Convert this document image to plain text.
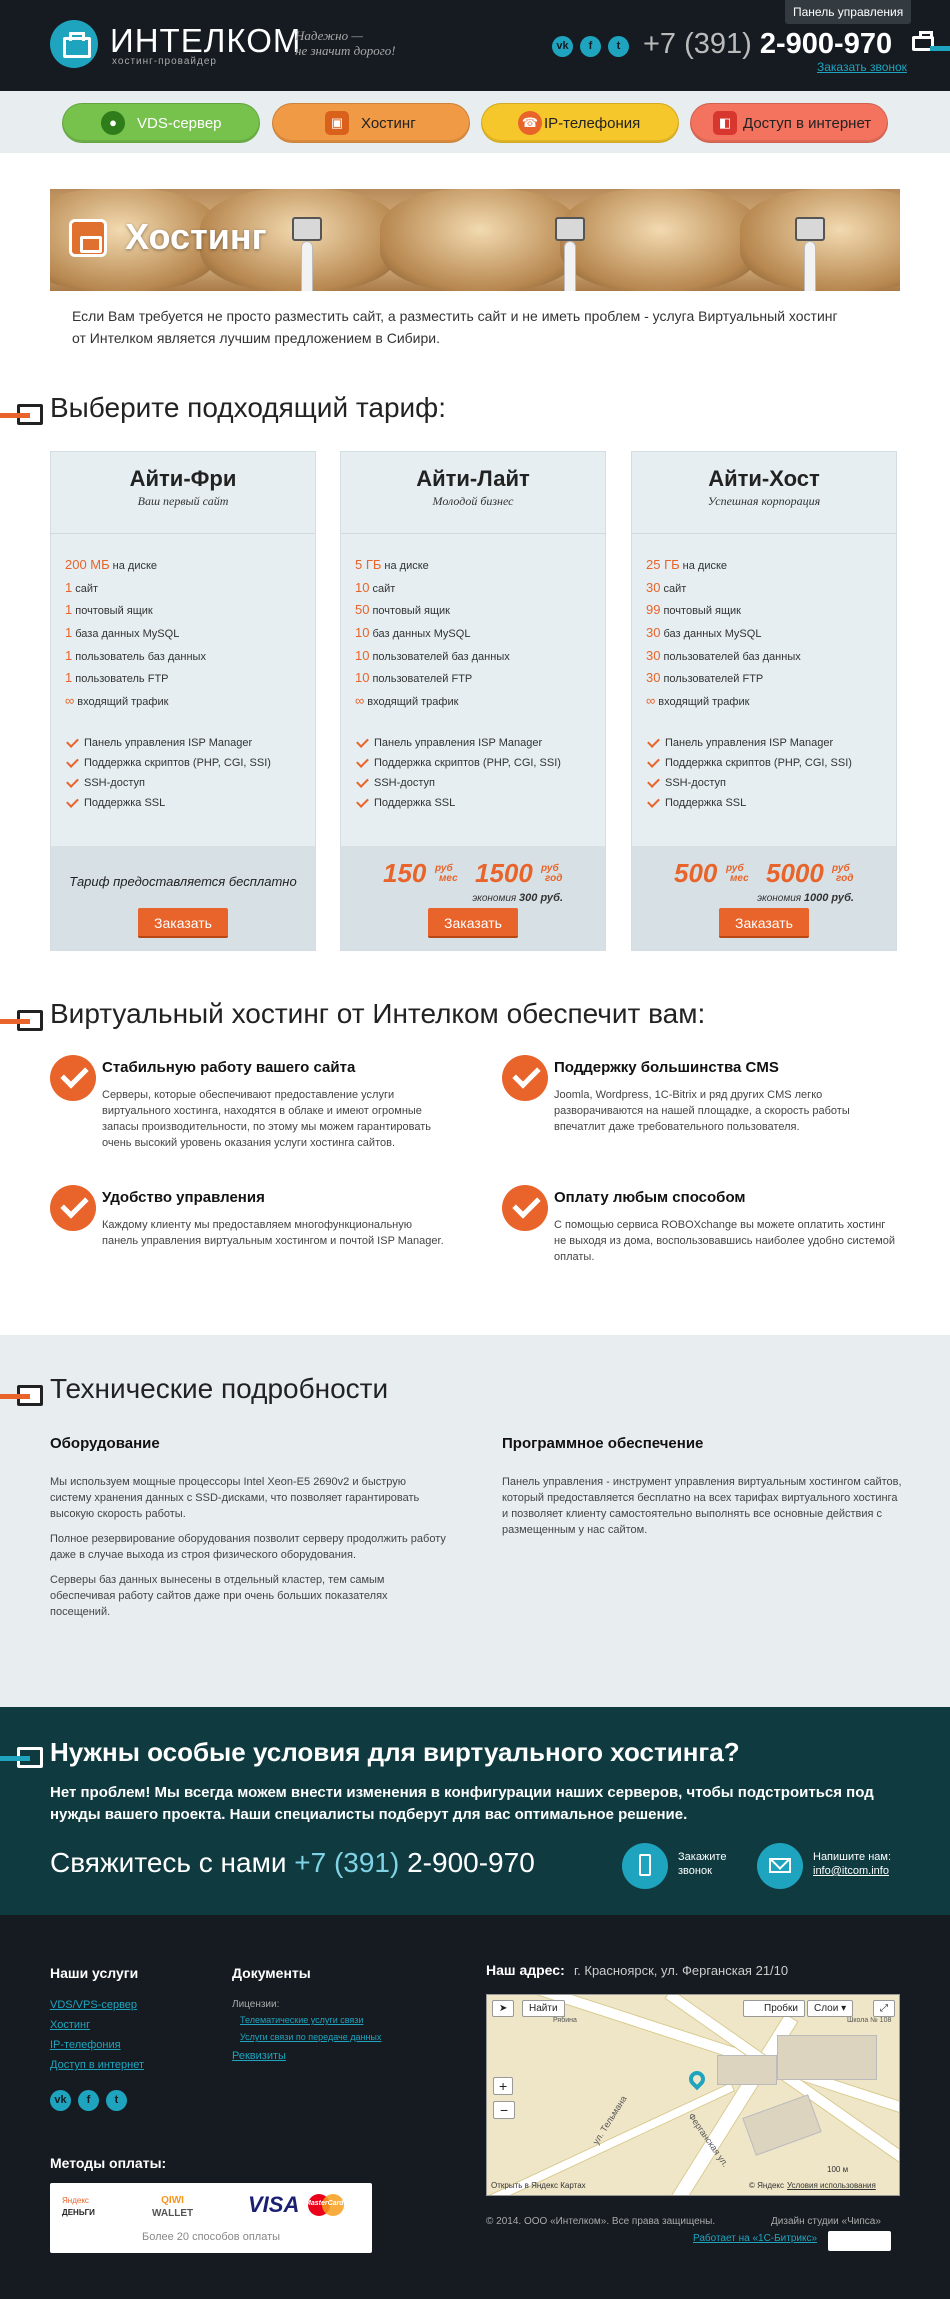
ИНТЕЛКОМ
хостинг-провайдер
Надежно —
не значит дорого!	vk	f	t +7 (391) 2-900-970
Заказать звонок
Панель управления
●	VDS-сервер	▣	Хостинг	☎ IP-телефония	◧ Доступ в интернет
Хостинг

Если Вам требуется не просто разместить сайт, а разместить сайт и не иметь проблем - услуга Виртуальный хостинг от Интелком является лучшим предложением в Сибири.

Выберите подходящий тариф:
Айти-Фри
Ваш первый сайт
200 МБ на диске
1 сайт
1 почтовый ящик
1 база данных MySQL
1 пользователь баз данных
1 пользователь FTP
∞ входящий трафик
Панель управления ISP Manager
Поддержка скриптов (PHP, CGI, SSI)
SSH-доступ
Поддержка SSL
Тариф предоставляется бесплатно
Заказать
Айти-Лайт
Молодой бизнес
5 ГБ на диске
10 сайт
50 почтовый ящик
10 баз данных MySQL
10 пользователей баз данных
10 пользователей FTP
∞ входящий трафик
Панель управления ISP Manager
Поддержка скриптов (PHP, CGI, SSI)
SSH-доступ
Поддержка SSL
150 руб
мес 1500 руб
год
экономия 300 руб.
Заказать
Айти-Хост
Успешная корпорация
25 ГБ на диске
30 сайт
99 почтовый ящик
30 баз данных MySQL
30 пользователей баз данных
30 пользователей FTP
∞ входящий трафик
Панель управления ISP Manager
Поддержка скриптов (PHP, CGI, SSI)
SSH-доступ
Поддержка SSL
500 руб
мес 5000 руб
год
экономия 1000 руб.
Заказать
Виртуальный хостинг от Интелком обеспечит вам:
Стабильную работу вашего сайта
Серверы, которые обеспечивают предоставление услуги виртуального хостинга, находятся в облаке и имеют огромные запасы производительности, по этому мы можем гарантировать очень высокий уровень оказания услуги хостинга сайтов.
Поддержку большинства CMS
Joomla, Wordpress, 1C-Bitrix и ряд других CMS легко разворачиваются на нашей площадке, а скорость работы впечатлит даже требовательного пользователя.
Удобство управления
Каждому клиенту мы предоставляем многофункциональную панель управления виртуальным хостингом и почтой ISP Manager.
Оплату любым способом
С помощью сервиса ROBOXchange вы можете оплатить хостинг не выходя из дома, воспользовавшись наиболее удобно системой оплаты.
Технические подробности
Оборудование

Мы используем мощные процессоры Intel Xeon-E5 2690v2 и быструю систему хранения данных с SSD-дисками, что позволяет гарантировать высокую скорость работы.

Полное резервирование оборудования позволит серверу продолжить работу даже в случае выхода из строя физического оборудования.

Серверы баз данных вынесены в отдельный кластер, тем самым обеспечивая работу сайтов даже при очень больших показателях посещений.

Программное обеспечение

Панель управления - инструмент управления виртуальным хостингом сайтов, который предоставляется бесплатно на всех тарифах виртуального хостинга и позволяет клиенту самостоятельно выполнять все основные действия с размещенным у нас сайтом.

Нужны особые условия для виртуального хостинга?

Нет проблем! Мы всегда можем внести изменения в конфигурации наших серверов, чтобы подстроиться под нужды вашего проекта. Наши специалисты подберут для вас оптимальное решение.

Свяжитесь с нами +7 (391) 2-900-970	Закажите
звонок
Напишите нам:
info@itcom.info
Наши услуги
VDS/VPS-сервер
Хостинг
IP-телефония
Доступ в интернет
vk	f	t
Документы
Лицензии:
Телематические услуги связи
Услуги связи по передаче данных
Реквизиты
Наш адрес: г. Красноярск, ул. Ферганская 21/10
ул. Тельмана	Ферганская ул.
Школа № 108
Рябина
➤	Найти	Пробки	Слои ▾	⤢
+
−
Открыть в Яндекс Картах	© Яндекс Условия использования
100 м
Методы оплаты:
Яндекс
ДЕНЬГИ
QIWI
WALLET VISA MasterCard
Более 20 способов оплаты
© 2014. ООО «Интелком». Все права защищены.	Дизайн студии «Чипса»
Работает на «1С-Битрикс»
